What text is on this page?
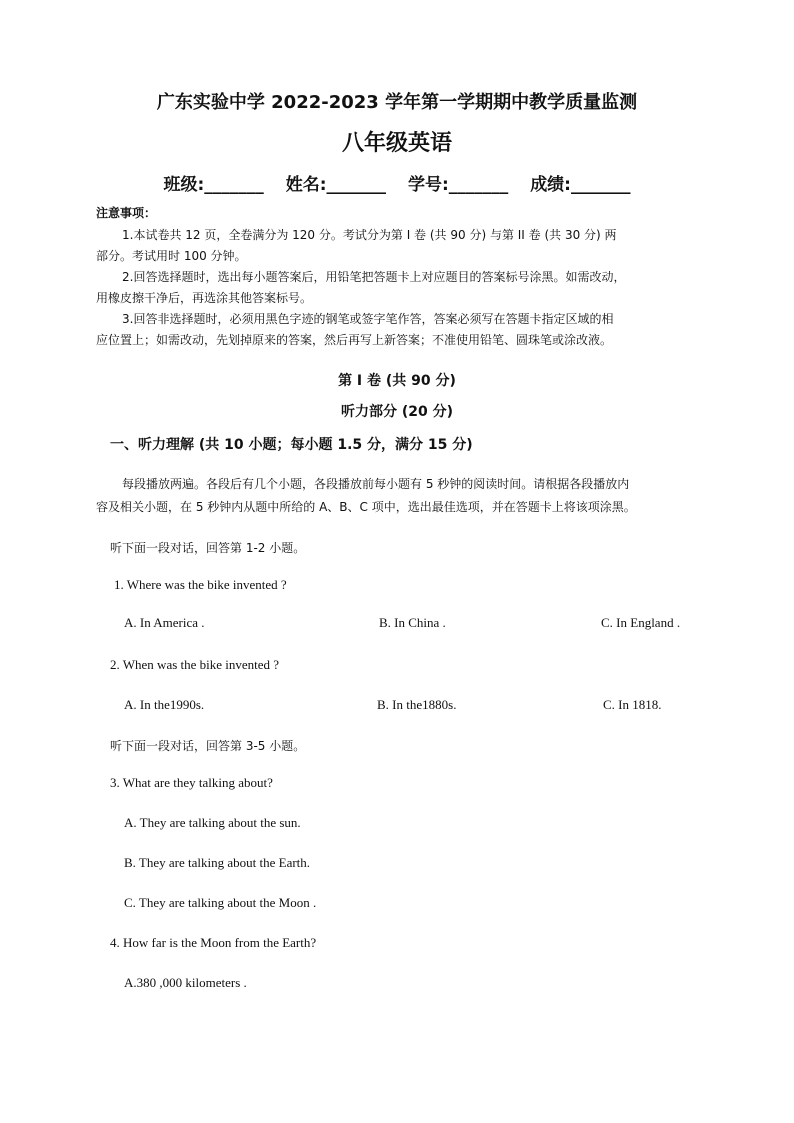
广东实验中学 2022-2023 学年第一学期期中教学质量监测
八年级英语
班级:_______ 姓名:_______ 学号:_______ 成绩:_______
注意事项：
1.本试卷共 12 页，全卷满分为 120 分。考试分为第 I 卷 (共 90 分) 与第 II 卷 (共 30 分) 两
部分。考试用时 100 分钟。
2.回答选择题时，选出每小题答案后，用铅笔把答题卡上对应题目的答案标号涂黑。如需改动，
用橡皮擦干净后，再选涂其他答案标号。
3.回答非选择题时，必须用黑色字迹的钢笔或签字笔作答，答案必须写在答题卡指定区域的相
应位置上；如需改动，先划掉原来的答案，然后再写上新答案；不准使用铅笔、圆珠笔或涂改液。
第 I 卷 (共 90 分)
听力部分 (20 分)
一、听力理解 (共 10 小题；每小题 1.5 分，满分 15 分)
每段播放两遍。各段后有几个小题，各段播放前每小题有 5 秒钟的阅读时间。请根据各段播放内
容及相关小题，在 5 秒钟内从题中所给的 A、B、C 项中，选出最佳选项，并在答题卡上将该项涂黑。
听下面一段对话，回答第 1-2 小题。
1. Where was the bike invented ?
A. In America .	B. In China .	C. In England .
2. When was the bike invented ?
A. In the1990s.	B. In the1880s.	C. In 1818.
听下面一段对话，回答第 3-5 小题。
3. What are they talking about?
A. They are talking about the sun.
B. They are talking about the Earth.
C. They are talking about the Moon .
4. How far is the Moon from the Earth?
A.380 ,000 kilometers .
